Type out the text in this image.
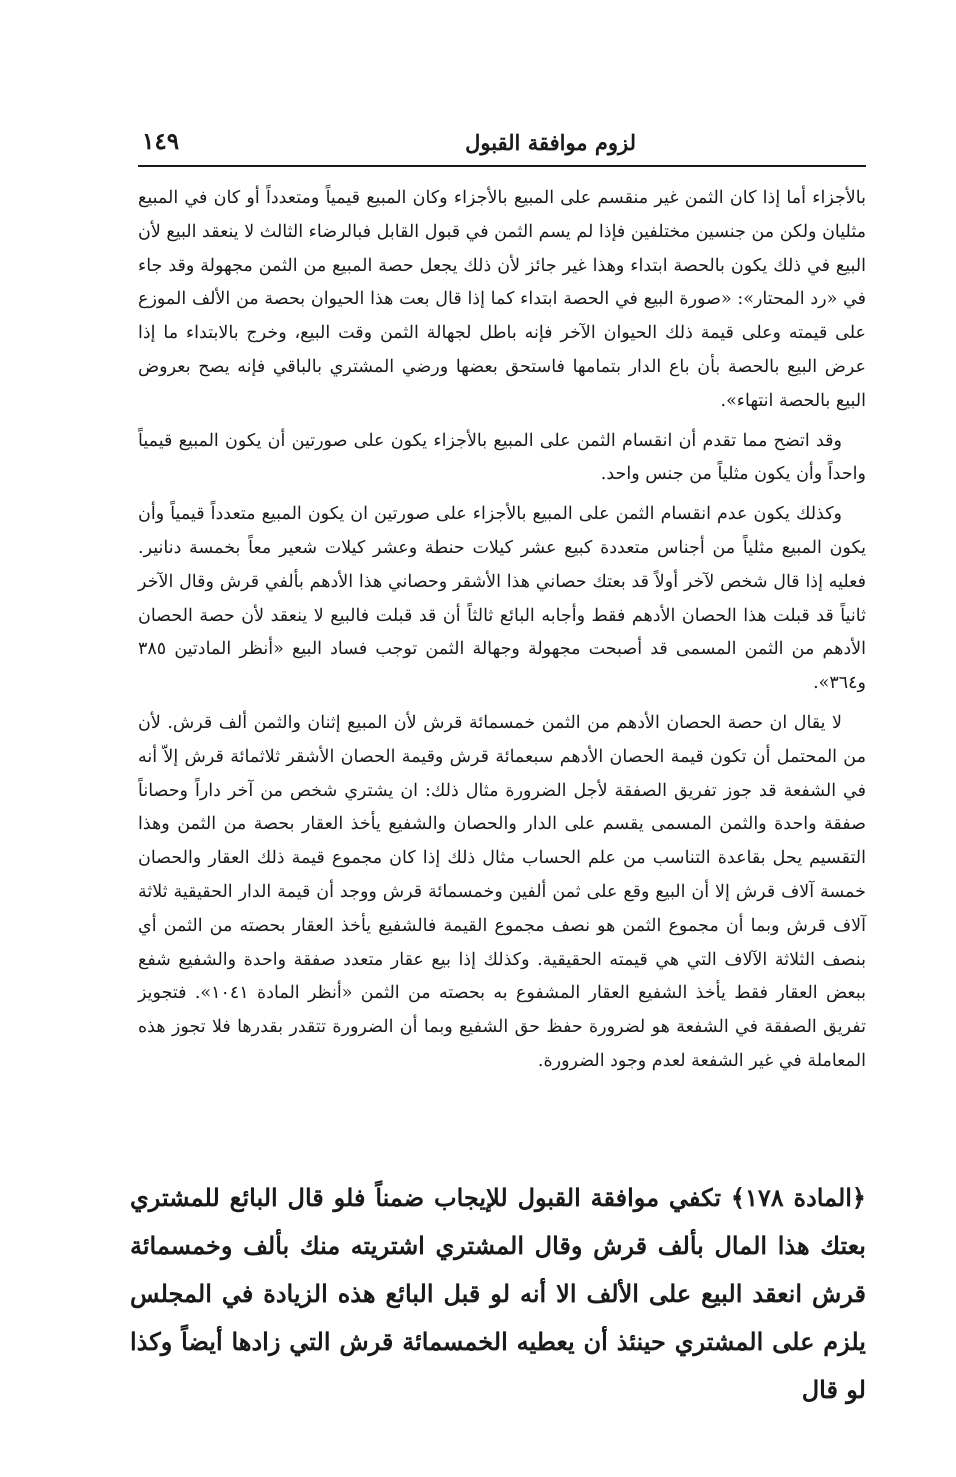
١٤٩	لزوم موافقة القبول

بالأجزاء أما إذا كان الثمن غير منقسم على المبيع بالأجزاء وكان المبيع قيمياً ومتعدداً أو كان في المبيع مثليان ولكن من جنسين مختلفين فإذا لم يسم الثمن في قبول القابل فبالرضاء الثالث لا ينعقد البيع لأن البيع في ذلك يكون بالحصة ابتداء وهذا غير جائز لأن ذلك يجعل حصة المبيع من الثمن مجهولة وقد جاء في «رد المحتار»: «صورة البيع في الحصة ابتداء كما إذا قال بعت هذا الحيوان بحصة من الألف الموزع على قيمته وعلى قيمة ذلك الحيوان الآخر فإنه باطل لجهالة الثمن وقت البيع، وخرج بالابتداء ما إذا عرض البيع بالحصة بأن باع الدار بتمامها فاستحق بعضها ورضي المشتري بالباقي فإنه يصح بعروض البيع بالحصة انتهاء».

وقد اتضح مما تقدم أن انقسام الثمن على المبيع بالأجزاء يكون على صورتين أن يكون المبيع قيمياً واحداً وأن يكون مثلياً من جنس واحد.

وكذلك يكون عدم انقسام الثمن على المبيع بالأجزاء على صورتين ان يكون المبيع متعدداً قيمياً وأن يكون المبيع مثلياً من أجناس متعددة كبيع عشر كيلات حنطة وعشر كيلات شعير معاً بخمسة دنانير. فعليه إذا قال شخص لآخر أولاً قد بعتك حصاني هذا الأشقر وحصاني هذا الأدهم بألفي قرش وقال الآخر ثانياً قد قبلت هذا الحصان الأدهم فقط وأجابه البائع ثالثاً أن قد قبلت فالبيع لا ينعقد لأن حصة الحصان الأدهم من الثمن المسمى قد أصبحت مجهولة وجهالة الثمن توجب فساد البيع «أنظر المادتين ٣٨٥ و٣٦٤».

لا يقال ان حصة الحصان الأدهم من الثمن خمسمائة قرش لأن المبيع إثنان والثمن ألف قرش. لأن من المحتمل أن تكون قيمة الحصان الأدهم سبعمائة قرش وقيمة الحصان الأشقر ثلاثمائة قرش إلاّ أنه في الشفعة قد جوز تفريق الصفقة لأجل الضرورة مثال ذلك: ان يشتري شخص من آخر داراً وحصاناً صفقة واحدة والثمن المسمى يقسم على الدار والحصان والشفيع يأخذ العقار بحصة من الثمن وهذا التقسيم يحل بقاعدة التناسب من علم الحساب مثال ذلك إذا كان مجموع قيمة ذلك العقار والحصان خمسة آلاف قرش إلا أن البيع وقع على ثمن ألفين وخمسمائة قرش ووجد أن قيمة الدار الحقيقية ثلاثة آلاف قرش وبما أن مجموع الثمن هو نصف مجموع القيمة فالشفيع يأخذ العقار بحصته من الثمن أي بنصف الثلاثة الآلاف التي هي قيمته الحقيقية. وكذلك إذا بيع عقار متعدد صفقة واحدة والشفيع شفع ببعض العقار فقط يأخذ الشفيع العقار المشفوع به بحصته من الثمن «أنظر المادة ١٠٤١». فتجويز تفريق الصفقة في الشفعة هو لضرورة حفظ حق الشفيع وبما أن الضرورة تتقدر بقدرها فلا تجوز هذه المعاملة في غير الشفعة لعدم وجود الضرورة.

﴿المادة ١٧٨﴾ تكفي موافقة القبول للإيجاب ضمناً فلو قال البائع للمشتري بعتك هذا المال بألف قرش وقال المشتري اشتريته منك بألف وخمسمائة قرش انعقد البيع على الألف الا أنه لو قبل البائع هذه الزيادة في المجلس يلزم على المشتري حينئذ أن يعطيه الخمسمائة قرش التي زادها أيضاً وكذا لو قال
